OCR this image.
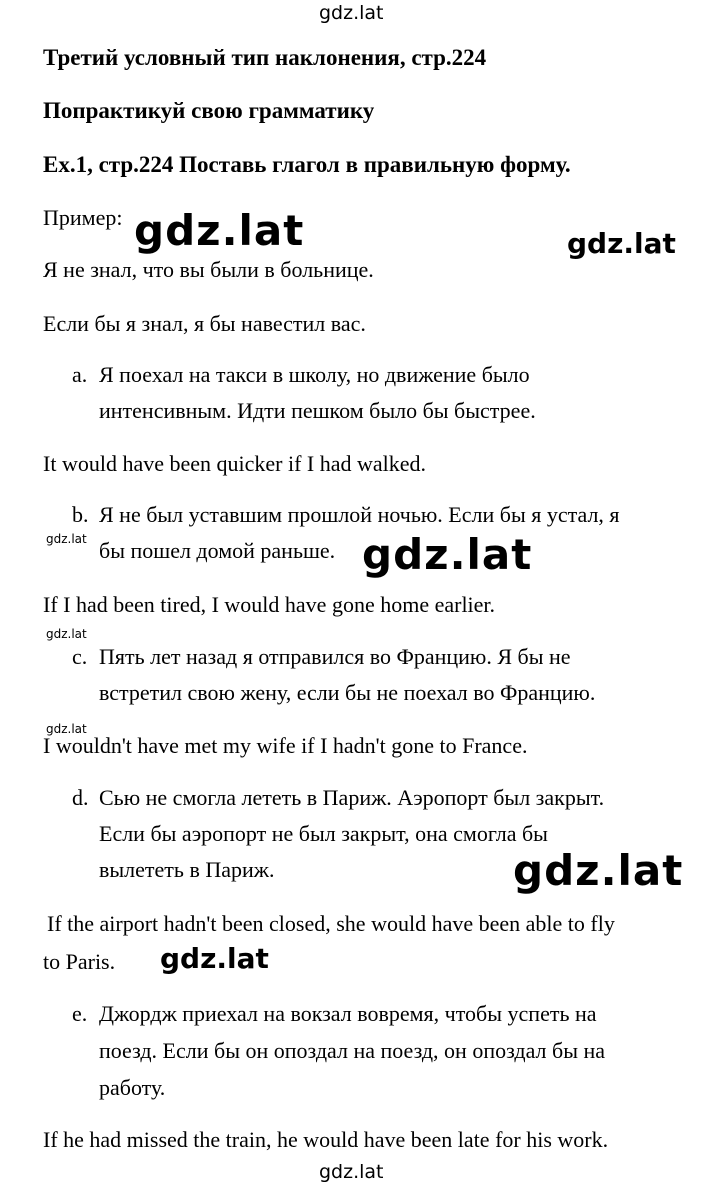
gdz.lat
gdz.lat	gdz.lat
gdz.lat	gdz.lat
gdz.lat
gdz.lat
gdz.lat
gdz.lat
gdz.lat
Третий условный тип наклонения, стр.224
Попрактикуй свою грамматику
Ex.1, стр.224 Поставь глагол в правильную форму.
Пример:
Я не знал, что вы были в больнице.
Если бы я знал, я бы навестил вас.
a. Я поехал на такси в школу, но движение было
интенсивным. Идти пешком было бы быстрее.
It would have been quicker if I had walked.
b. Я не был уставшим прошлой ночью. Если бы я устал, я
бы пошел домой раньше.
If I had been tired, I would have gone home earlier.
c. Пять лет назад я отправился во Францию. Я бы не
встретил свою жену, если бы не поехал во Францию.
I wouldn't have met my wife if I hadn't gone to France.
d. Сью не смогла лететь в Париж. Аэропорт был закрыт.
Если бы аэропорт не был закрыт, она смогла бы
вылететь в Париж.
If the airport hadn't been closed, she would have been able to fly
to Paris.
e. Джордж приехал на вокзал вовремя, чтобы успеть на
поезд. Если бы он опоздал на поезд, он опоздал бы на
работу.
If he had missed the train, he would have been late for his work.
